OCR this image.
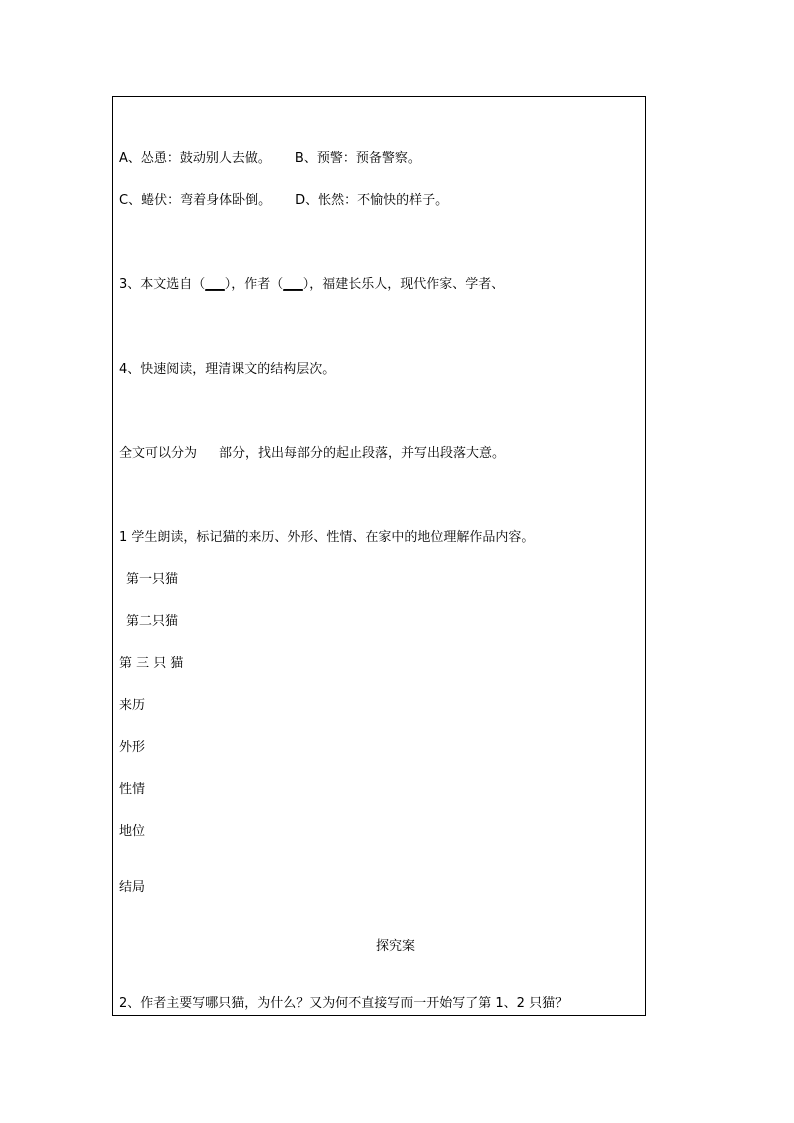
A、怂恿：鼓动别人去做。 B、预警：预备警察。
C、蜷伏：弯着身体卧倒。 D、怅然：不愉快的样子。
3、本文选自（___），作者（___），福建长乐人，现代作家、学者、
4、快速阅读，理清课文的结构层次。
全文可以分为 部分，找出每部分的起止段落，并写出段落大意。
1 学生朗读，标记猫的来历、外形、性情、在家中的地位理解作品内容。
第一只猫
第二只猫
第 三 只 猫
来历
外形
性情
地位
结局
探究案
2、作者主要写哪只猫，为什么？又为何不直接写而一开始写了第 1、2 只猫？
